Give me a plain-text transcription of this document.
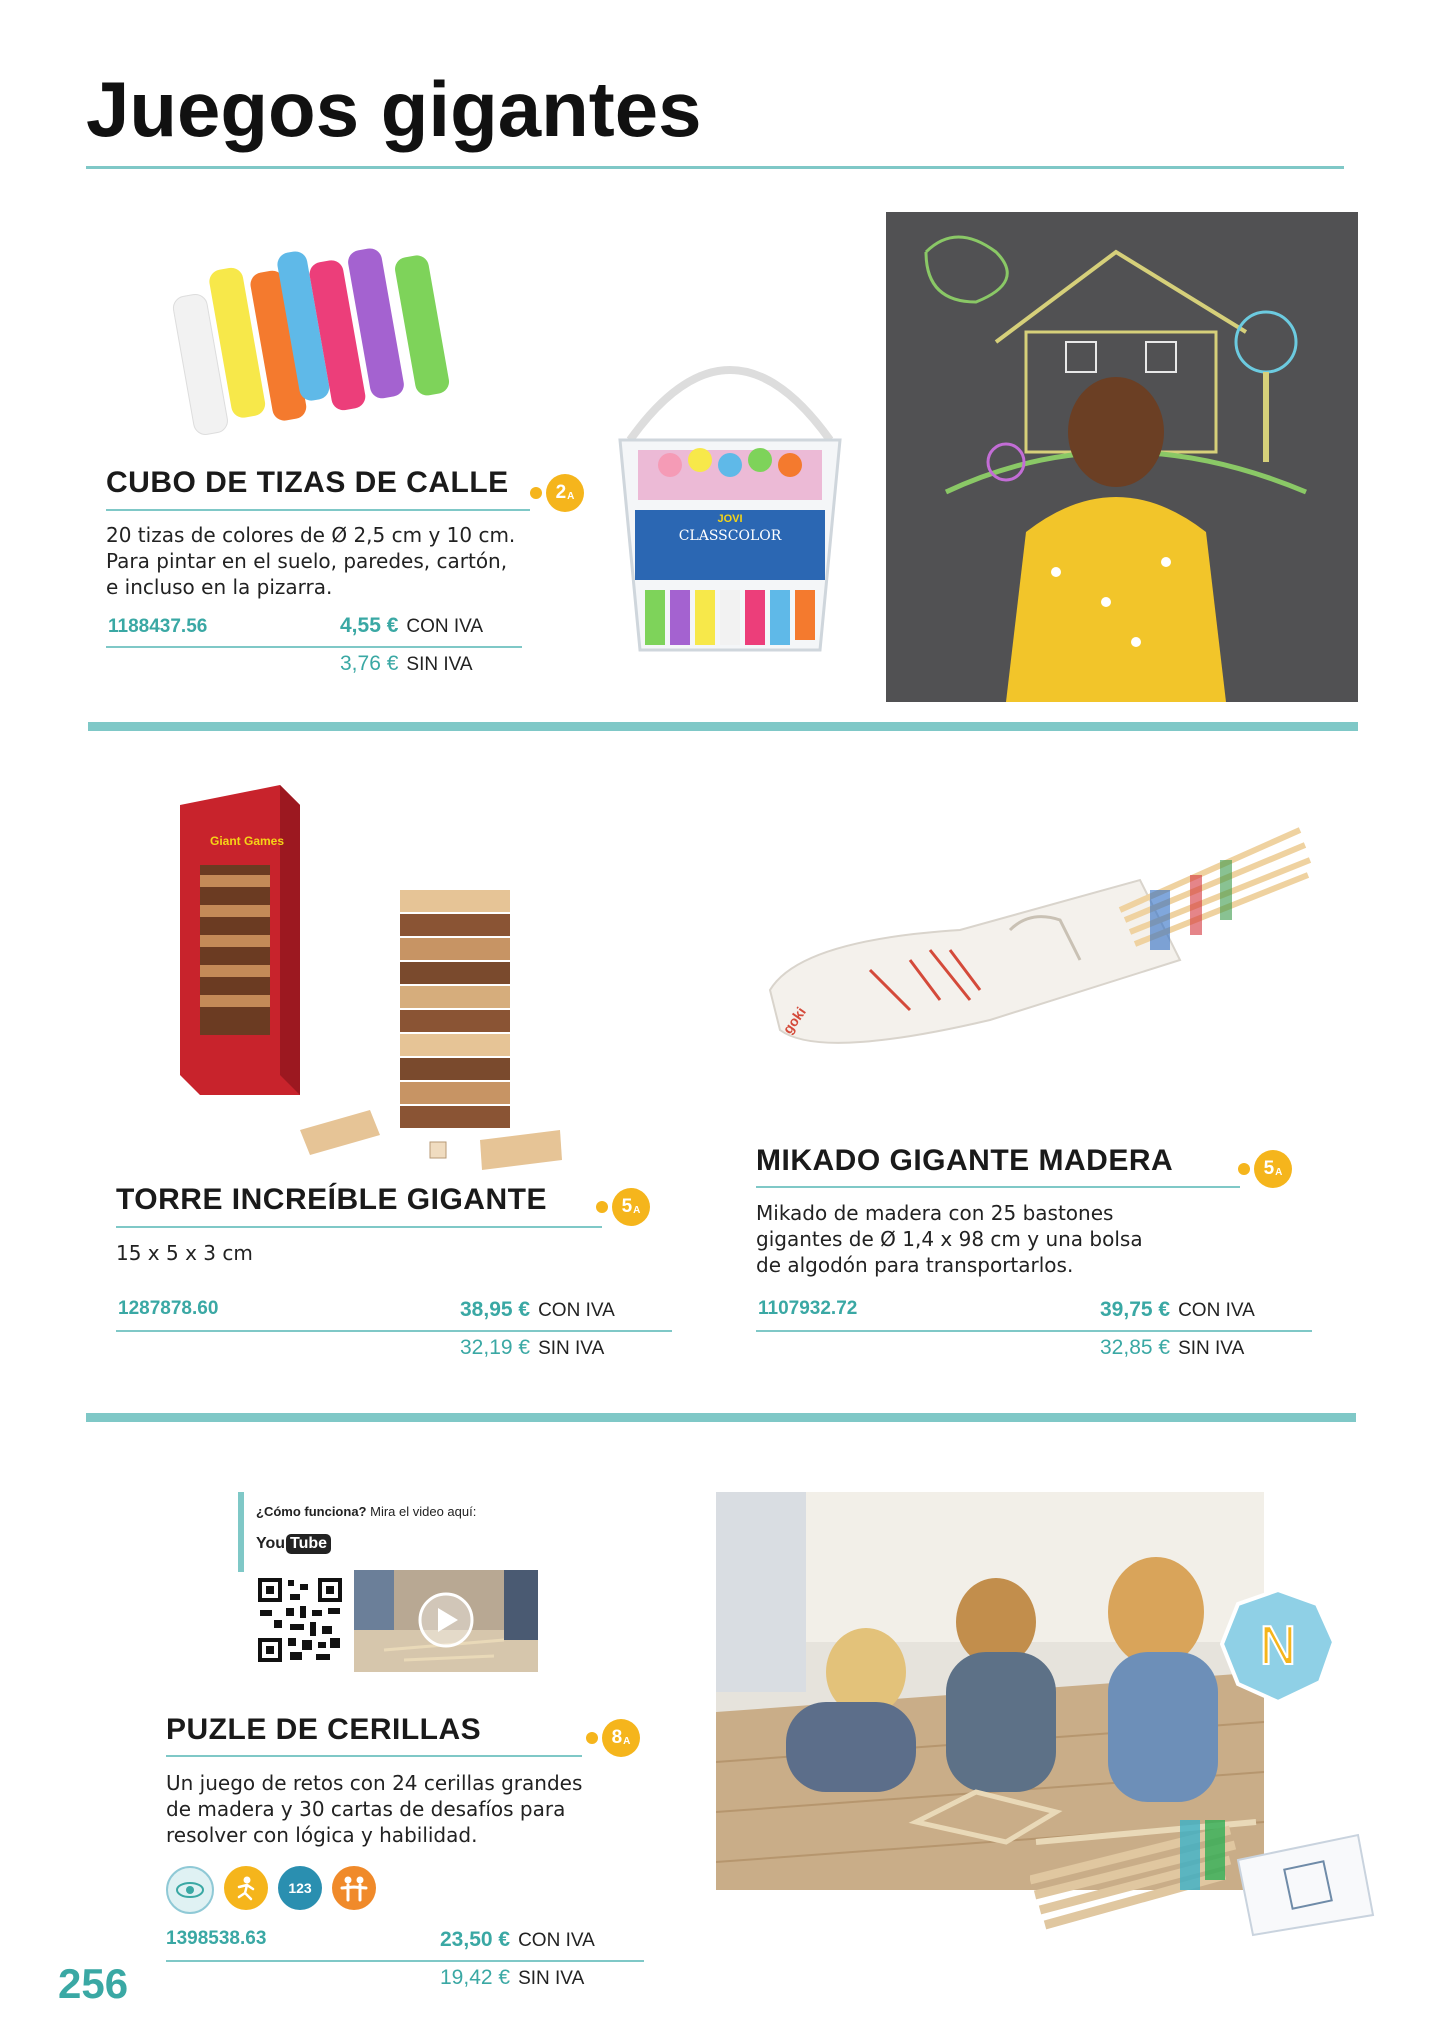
Juegos gigantes
CLASSCOLOR
JOVI
CUBO DE TIZAS DE CALLE 2 A
20 tizas de colores de Ø 2,5 cm y 10 cm.
Para pintar en el suelo, paredes, cartón,
e incluso en la pizarra.
1188437.56	4,55 € CON IVA
3,76 € SIN IVA
Giant Games
goki
TORRE INCREÍBLE GIGANTE	5 A
15 x 5 x 3 cm
1287878.60	38,95 € CON IVA
32,19 € SIN IVA
MIKADO GIGANTE MADERA	5 A
Mikado de madera con 25 bastones
gigantes de Ø 1,4 x 98 cm y una bolsa
de algodón para transportarlos.
1107932.72	39,75 € CON IVA
32,85 € SIN IVA
¿Cómo funciona? Mira el video aquí:
You Tube
N
PUZLE DE CERILLAS	8 A
Un juego de retos con 24 cerillas grandes
de madera y 30 cartas de desafíos para
resolver con lógica y habilidad.
123
1398538.63	23,50 € CON IVA
19,42 € SIN IVA
256
